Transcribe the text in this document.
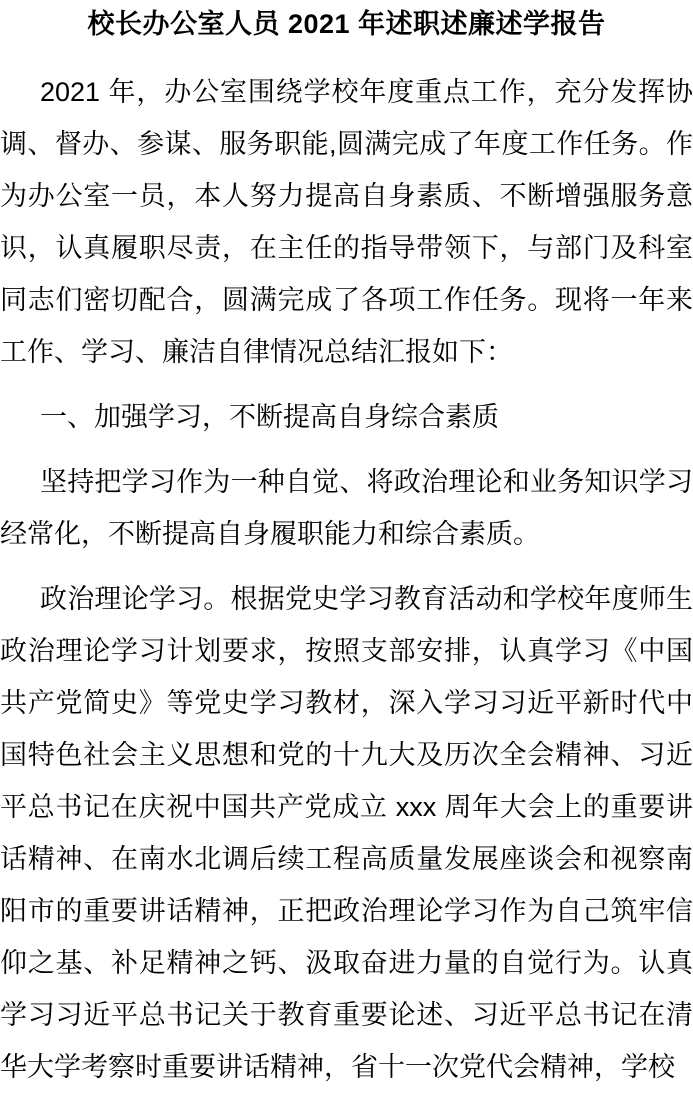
校长办公室人员 2021 年述职述廉述学报告

2021 年，办公室围绕学校年度重点工作，充分发挥协调、督办、参谋、服务职能,圆满完成了年度工作任务。作为办公室一员，本人努力提高自身素质、不断增强服务意识，认真履职尽责，在主任的指导带领下，与部门及科室同志们密切配合，圆满完成了各项工作任务。现将一年来工作、学习、廉洁自律情况总结汇报如下：

一、加强学习，不断提高自身综合素质

坚持把学习作为一种自觉、将政治理论和业务知识学习经常化，不断提高自身履职能力和综合素质。

政治理论学习。根据党史学习教育活动和学校年度师生政治理论学习计划要求，按照支部安排，认真学习《中国共产党简史》等党史学习教材，深入学习习近平新时代中国特色社会主义思想和党的十九大及历次全会精神、习近平总书记在庆祝中国共产党成立 xxx 周年大会上的重要讲话精神、在南水北调后续工程高质量发展座谈会和视察南阳市的重要讲话精神，正把政治理论学习作为自己筑牢信仰之基、补足精神之钙、汲取奋进力量的自觉行为。认真学习习近平总书记关于教育重要论述、习近平总书记在清华大学考察时重要讲话精神，省十一次党代会精神，学校
